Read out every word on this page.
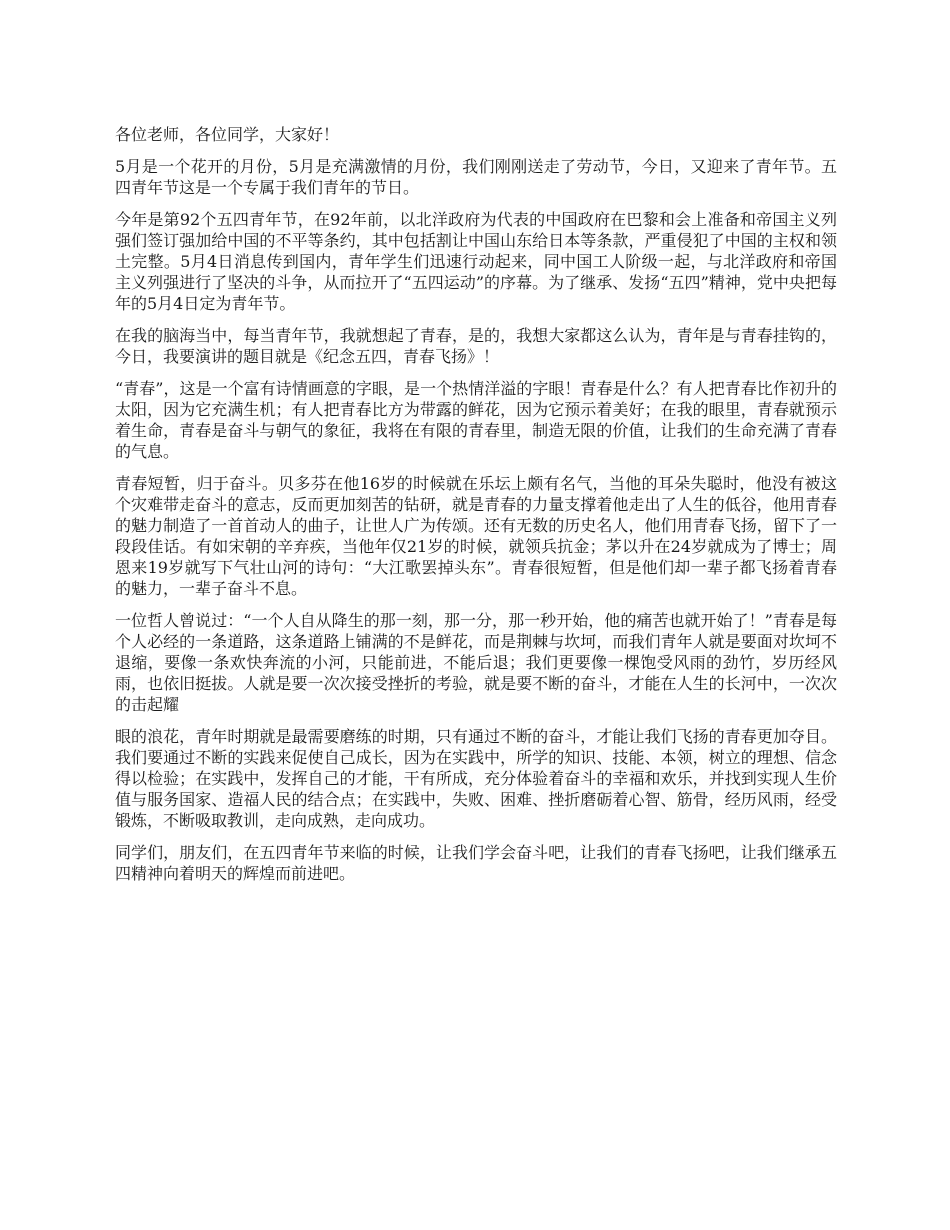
各位老师，各位同学，大家好！

5月是一个花开的月份，5月是充满激情的月份，我们刚刚送走了劳动节，今日，又迎来了青年节。五四青年节这是一个专属于我们青年的节日。

今年是第92个五四青年节，在92年前，以北洋政府为代表的中国政府在巴黎和会上准备和帝国主义列强们签订强加给中国的不平等条约，其中包括割让中国山东给日本等条款，严重侵犯了中国的主权和领土完整。5月4日消息传到国内，青年学生们迅速行动起来，同中国工人阶级一起，与北洋政府和帝国主义列强进行了坚决的斗争，从而拉开了“五四运动”的序幕。为了继承、发扬“五四”精神，党中央把每年的5月4日定为青年节。

在我的脑海当中，每当青年节，我就想起了青春，是的，我想大家都这么认为，青年是与青春挂钩的，今日，我要演讲的题目就是《纪念五四，青春飞扬》！

“青春”，这是一个富有诗情画意的字眼，是一个热情洋溢的字眼！青春是什么？有人把青春比作初升的太阳，因为它充满生机；有人把青春比方为带露的鲜花，因为它预示着美好；在我的眼里，青春就预示着生命，青春是奋斗与朝气的象征，我将在有限的青春里，制造无限的价值，让我们的生命充满了青春的气息。

青春短暂，归于奋斗。贝多芬在他16岁的时候就在乐坛上颇有名气，当他的耳朵失聪时，他没有被这个灾难带走奋斗的意志，反而更加刻苦的钻研，就是青春的力量支撑着他走出了人生的低谷，他用青春的魅力制造了一首首动人的曲子，让世人广为传颂。还有无数的历史名人，他们用青春飞扬，留下了一段段佳话。有如宋朝的辛弃疾，当他年仅21岁的时候，就领兵抗金；茅以升在24岁就成为了博士；周恩来19岁就写下气壮山河的诗句：“大江歌罢掉头东”。青春很短暂，但是他们却一辈子都飞扬着青春的魅力，一辈子奋斗不息。

一位哲人曾说过：“一个人自从降生的那一刻，那一分，那一秒开始，他的痛苦也就开始了！”青春是每个人必经的一条道路，这条道路上铺满的不是鲜花，而是荆棘与坎坷，而我们青年人就是要面对坎坷不退缩，要像一条欢快奔流的小河，只能前进，不能后退；我们更要像一棵饱受风雨的劲竹，岁历经风雨，也依旧挺拔。人就是要一次次接受挫折的考验，就是要不断的奋斗，才能在人生的长河中，一次次的击起耀

眼的浪花，青年时期就是最需要磨练的时期，只有通过不断的奋斗，才能让我们飞扬的青春更加夺目。我们要通过不断的实践来促使自己成长，因为在实践中，所学的知识、技能、本领，树立的理想、信念得以检验；在实践中，发挥自己的才能，干有所成，充分体验着奋斗的幸福和欢乐，并找到实现人生价值与服务国家、造福人民的结合点；在实践中，失败、困难、挫折磨砺着心智、筋骨，经历风雨，经受锻炼，不断吸取教训，走向成熟，走向成功。

同学们，朋友们，在五四青年节来临的时候，让我们学会奋斗吧，让我们的青春飞扬吧，让我们继承五四精神向着明天的辉煌而前进吧。
